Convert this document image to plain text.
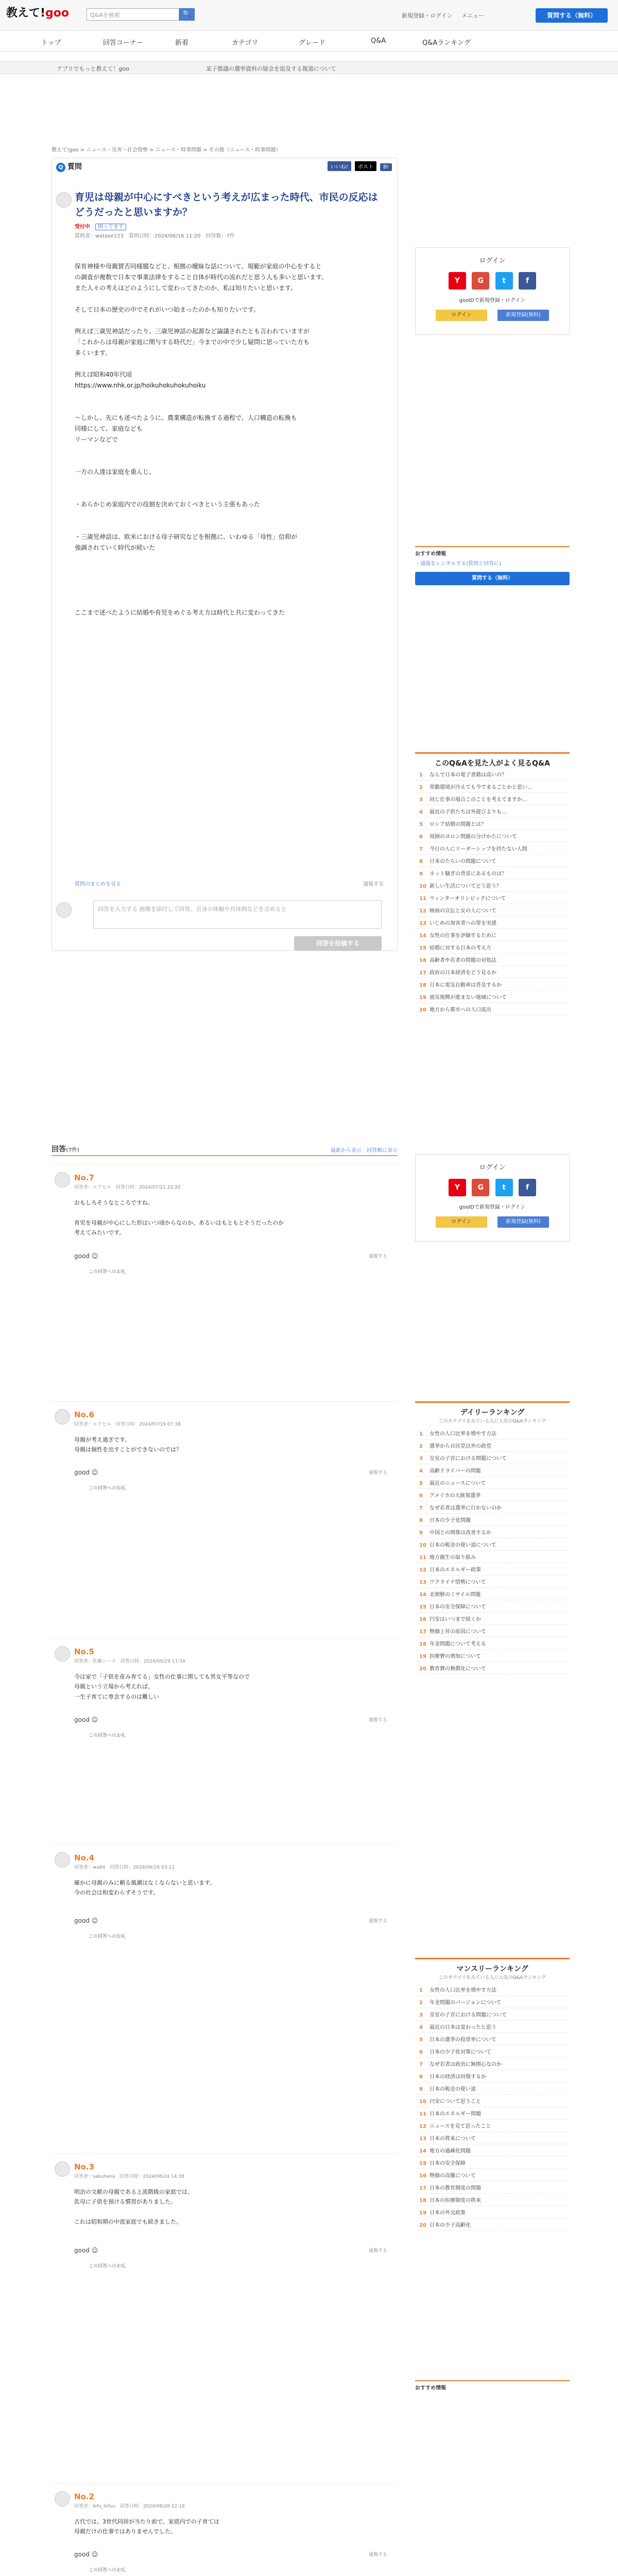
教えて!goo	Q&Aを検索	🔍	新規登録・ログイン メニュー	質問する（無料）
トップ	回答コーナー	新着	カテゴリ	グレード	Q&A	Q&Aランキング
アプリでもっと教えて！goo	某子都議の選挙資料の疑念を追及する報道について
教えて!goo > ニュース・災害・社会情勢 > ニュース・時事問題 > その他（ニュース・時事問題）
Q 質問	いいね! ポスト B!
育児は母親が中心にすべきという考えが広まった時代、市民の反応はどうだったと思いますか？
受付中　 困ってます
質問者：watase123　質問日時：2024/06/16 11:20　回答数：7件
保育神様や母親賛否同様題などと、根拠の曖昧な話について、規範が家庭の中心をすると
の調査が複数で日本で事業法律をすること自体が時代の流れだと思う人も多いと思います。
また人々の考えはどのようにして変わってきたのか、私は知りたいと思います。

そして日本の歴史の中でそれがいつ始まったのかも知りたいです。

例えば三歳児神話だったり、三歳児神話の起源など論議されたとも言われていますが
「これからは母親が家庭に関与する時代だ」今までの中で少し疑問に思っていた方も
多くいます。

例えば昭和40年代頃
https://www.nhk.or.jp/hoikuhokuhokuhoiku

～しかし、先にも述べたように、農業構造が転換する過程で、人口構造の転換も
同様にして、家庭なども
リーマンなどで

一方の人達は家庭を重んじ、

・あらかじめ家庭内での役割を決めておくべきという主張もあった

・三歳児神話は、欧米における母子研究などを根拠に、いわゆる「母性」信仰が
強調されていく時代が続いた

ここまで述べたように結婚や育児をめぐる考え方は時代と共に変わってきた
通報する
質問のまとめを見る
回答を入力する 画像を添付して回答、自身の体験や具体例などを含めると
回答を投稿する
回答(7件)	最新から表示　 回答順に表示
No.7
回答者：ルアヒル　回答日時：2024/07/21 22:20
おもしろそうなところですね。

育児を母親が中心にした形はいつ頃からなのか、あるいはもともとそうだったのか
考えてみたいです。
good ☺	通報する
この回答へのお礼
No.6
回答者：ルアヒル　回答日時：2024/07/19 07:38
母親が考え過ぎです。
母親は個性を出すことができないのでは？
good ☺	通報する
この回答へのお礼
No.5
回答者：佐藤シード　回答日時：2024/06/29 11:34
今は家で「子供を産み育てる」女性の仕事に関しても男女平等なので
母親という立場から考えれば、
一生子育てに専念するのは難しい
good ☺	通報する
この回答へのお礼
No.4
回答者：wa84　回答日時：2024/06/26 03:11
確かに母親のみに頼る風潮はなくならないと思います。
今の社会は相変わらずそうです。
good ☺	通報する
この回答へのお礼
No.3
回答者：sakuhana　回答日時：2024/06/24 14:38
明治の文献の母親である上流階級の家庭では、
乳母に子供を預ける慣習がありました。

これは昭和期の中流家庭でも続きました。
good ☺	通報する
この回答へのお礼
No.2
回答者：lefu_lefuu　回答日時：2024/06/28 22:18
古代では、3世代同居が当たり前で、家庭内での子育ては
母親だけの仕事ではありませんでした。
good ☺	通報する
この回答へのお礼
ログイン
Y	G	t	f
gooIDで新規登録・ログイン
ログイン	新規登録(無料)
おすすめ情報
・通報をレンタルする(質問と回答に)
質問する（無料）
このQ&Aを見た人がよく見るQ&A
1 なんで日本の電子書籍は高いの？
2 常勤環境が冷えても今でまるごとかと思い...
3 同じ仕事の場合このことを考えてますか...
4 最近の子供たちは外遊びよりも...
5 ロシア結婚の問題とは？
6 周囲のヨロン問題の分けかたについて
7 今日の人にリーダーシップを持たない人間
8 日本のたらいの問題について
9 ネット騒ぎの背景にあるものは？
10 新しい生活についてどう思う？
11 ウィンターオリンピックについて
12 映画の宣伝と女の人について
13 いじめの加害者への罪を実感
14 女性の仕事を評価するために
15 結婚に対する日本の考え方
16 高齢者や若者の問題の対処法
17 政府の日本経済をどう見るか
18 日本に電気自動車は普及するか
19 震災復興が進まない地域について
20 地方から都市への人口流出
ログイン
Y	G	t	f
gooIDで新規登録・ログイン
ログイン	新規登録(無料)
デイリーランキング
このカテゴリをみている人に人気のQ&Aランキング
1 女性の人口比率を増やす方法
2 選挙から自民党以外の政党
3 皇室の子宮における問題について
4 高齢ドライバーの問題
5 最近のニュースについて
6 アメリカの大統領選挙
7 なぜ若者は選挙に行かないのか
8 日本の少子化問題
9 中国との関係は改善するか
10 日本の税金の使い道について
11 地方創生の取り組み
12 日本のエネルギー政策
13 ウクライナ情勢について
14 北朝鮮のミサイル問題
15 日本の安全保障について
16 円安はいつまで続くか
17 物価上昇の原因について
18 年金問題について考える
19 医療費の増加について
20 教育費の無償化について
マンスリーランキング
このカテゴリをみている人に人気のQ&Aランキング
1 女性の人口比率を増やす方法
2 年金問題のバージョンについて
3 皇室の子宮における問題について
4 最近の日本は変わったと思う
5 日本の選挙の投票率について
6 日本の少子化対策について
7 なぜ若者は政治に無関心なのか
8 日本の経済は回復するか
9 日本の税金の使い道
10 円安について思うこと
11 日本のエネルギー問題
12 ニュースを見て思ったこと
13 日本の将来について
14 地方の過疎化問題
15 日本の安全保障
16 物価の高騰について
17 日本の教育制度の問題
18 日本の医療制度の将来
19 日本の外交政策
20 日本の少子高齢化
おすすめ情報
